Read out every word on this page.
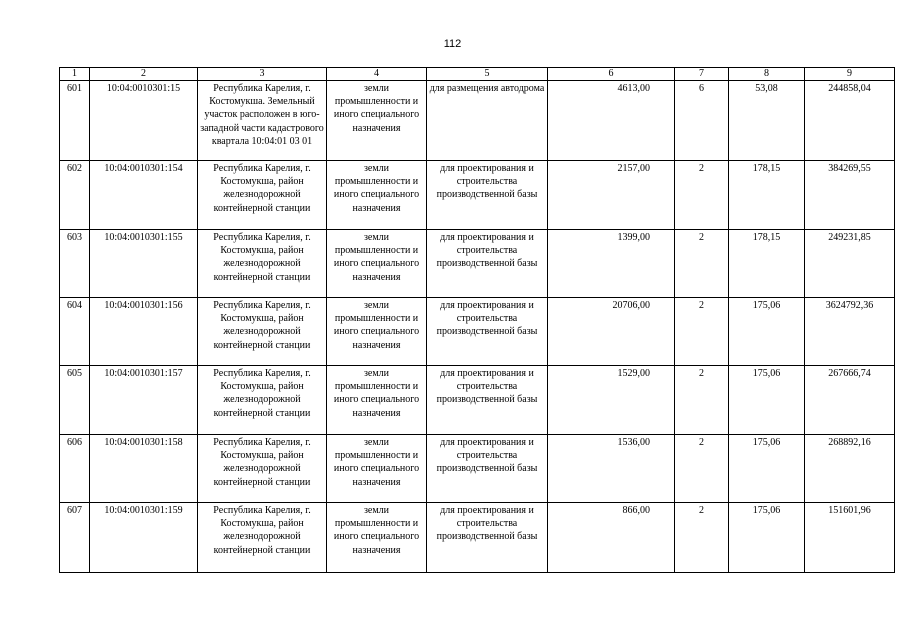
112
1	2	3	4	5	6	7	8	9
601	10:04:0010301:15	Республика Карелия, г. Костомукша. Земельный участок расположен в юго-западной части кадастрового квартала 10:04:01 03 01	земли промышленности и иного специального назначения	для размещения автодрома	4613,00	6	53,08	244858,04
602	10:04:0010301:154	Республика Карелия, г. Костомукша, район железнодорожной контейнерной станции	земли промышленности и иного специального назначения	для проектирования и строительства производственной базы	2157,00	2	178,15	384269,55
603	10:04:0010301:155	Республика Карелия, г. Костомукша, район железнодорожной контейнерной станции	земли промышленности и иного специального назначения	для проектирования и строительства производственной базы	1399,00	2	178,15	249231,85
604	10:04:0010301:156	Республика Карелия, г. Костомукша, район железнодорожной контейнерной станции	земли промышленности и иного специального назначения	для проектирования и строительства производственной базы	20706,00	2	175,06	3624792,36
605	10:04:0010301:157	Республика Карелия, г. Костомукша, район железнодорожной контейнерной станции	земли промышленности и иного специального назначения	для проектирования и строительства производственной базы	1529,00	2	175,06	267666,74
606	10:04:0010301:158	Республика Карелия, г. Костомукша, район железнодорожной контейнерной станции	земли промышленности и иного специального назначения	для проектирования и строительства производственной базы	1536,00	2	175,06	268892,16
607	10:04:0010301:159	Республика Карелия, г. Костомукша, район железнодорожной контейнерной станции	земли промышленности и иного специального назначения	для проектирования и строительства производственной базы	866,00	2	175,06	151601,96
